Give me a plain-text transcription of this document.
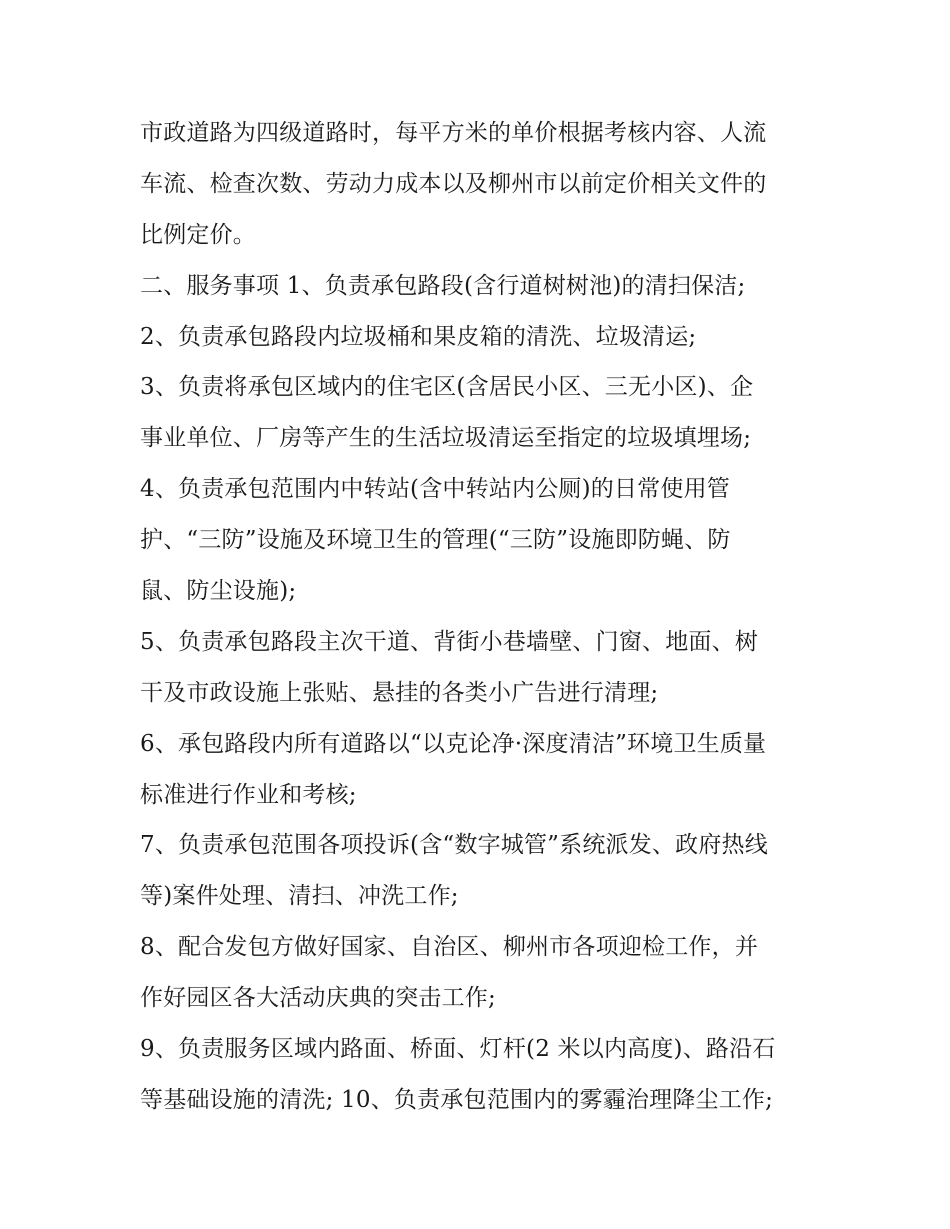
市政道路为四级道路时，每平方米的单价根据考核内容、人流
车流、检查次数、劳动力成本以及柳州市以前定价相关文件的
比例定价。
二、服务事项 1、负责承包路段(含行道树树池)的清扫保洁;
2、负责承包路段内垃圾桶和果皮箱的清洗、垃圾清运;
3、负责将承包区域内的住宅区(含居民小区、三无小区)、企
事业单位、厂房等产生的生活垃圾清运至指定的垃圾填埋场;
4、负责承包范围内中转站(含中转站内公厕)的日常使用管
护、“三防”设施及环境卫生的管理(“三防”设施即防蝇、防
鼠、防尘设施);
5、负责承包路段主次干道、背街小巷墙壁、门窗、地面、树
干及市政设施上张贴、悬挂的各类小广告进行清理;
6、承包路段内所有道路以“以克论净·深度清洁”环境卫生质量
标准进行作业和考核;
7、负责承包范围各项投诉(含“数字城管”系统派发、政府热线
等)案件处理、清扫、冲洗工作;
8、配合发包方做好国家、自治区、柳州市各项迎检工作，并
作好园区各大活动庆典的突击工作;
9、负责服务区域内路面、桥面、灯杆(2 米以内高度)、路沿石
等基础设施的清洗; 10、负责承包范围内的雾霾治理降尘工作;
